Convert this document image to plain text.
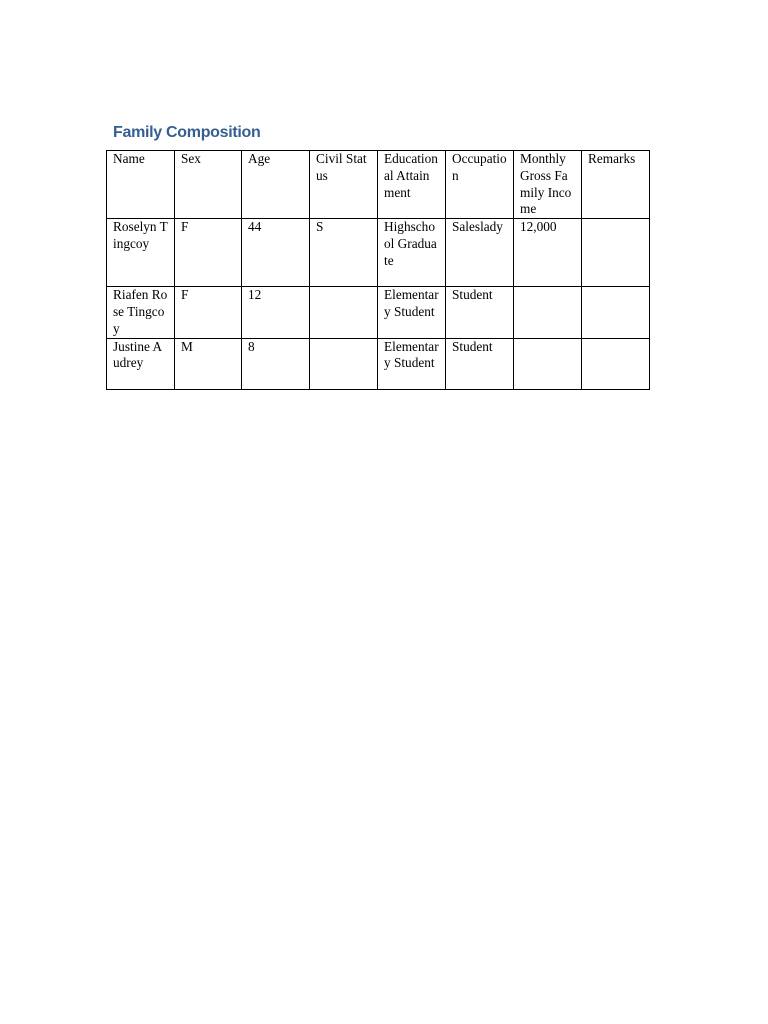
Family Composition
Name	Sex	Age	Civil Status	Educational Attainment	Occupation	Monthly Gross Family Income	Remarks
Roselyn Tingcoy	F	44	S	Highschool Graduate	Saleslady	12,000	
Riafen Rose Tingcoy	F	12		Elementary Student	Student		
Justine Audrey	M	8		Elementary Student	Student		
